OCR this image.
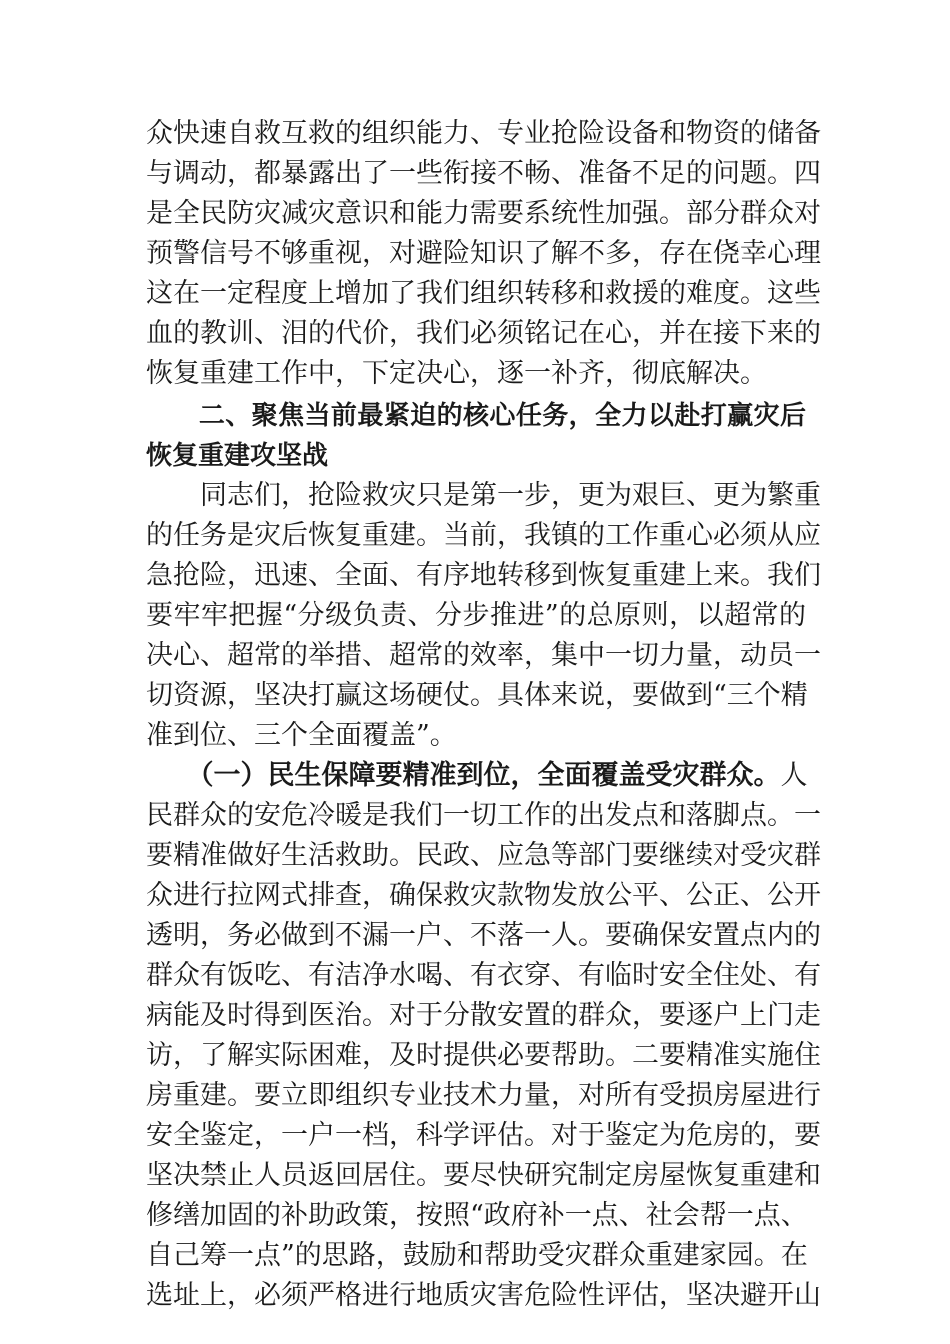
众快速自救互救的组织能力、专业抢险设备和物资的储备
与调动，都暴露出了一些衔接不畅、准备不足的问题。四
是全民防灾减灾意识和能力需要系统性加强。部分群众对
预警信号不够重视，对避险知识了解不多，存在侥幸心理
这在一定程度上增加了我们组织转移和救援的难度。这些
血的教训、泪的代价，我们必须铭记在心，并在接下来的
恢复重建工作中，下定决心，逐一补齐，彻底解决。
　　二、聚焦当前最紧迫的核心任务，全力以赴打赢灾后
恢复重建攻坚战
　　同志们，抢险救灾只是第一步，更为艰巨、更为繁重
的任务是灾后恢复重建。当前，我镇的工作重心必须从应
急抢险，迅速、全面、有序地转移到恢复重建上来。我们
要牢牢把握“分级负责、分步推进”的总原则，以超常的
决心、超常的举措、超常的效率，集中一切力量，动员一
切资源，坚决打赢这场硬仗。具体来说，要做到“三个精
准到位、三个全面覆盖”。
　　（一）民生保障要精准到位，全面覆盖受灾群众。人
民群众的安危冷暖是我们一切工作的出发点和落脚点。一
要精准做好生活救助。民政、应急等部门要继续对受灾群
众进行拉网式排查，确保救灾款物发放公平、公正、公开
透明，务必做到不漏一户、不落一人。要确保安置点内的
群众有饭吃、有洁净水喝、有衣穿、有临时安全住处、有
病能及时得到医治。对于分散安置的群众，要逐户上门走
访，了解实际困难，及时提供必要帮助。二要精准实施住
房重建。要立即组织专业技术力量，对所有受损房屋进行
安全鉴定，一户一档，科学评估。对于鉴定为危房的，要
坚决禁止人员返回居住。要尽快研究制定房屋恢复重建和
修缮加固的补助政策，按照“政府补一点、社会帮一点、
自己筹一点”的思路，鼓励和帮助受灾群众重建家园。在
选址上，必须严格进行地质灾害危险性评估，坚决避开山
